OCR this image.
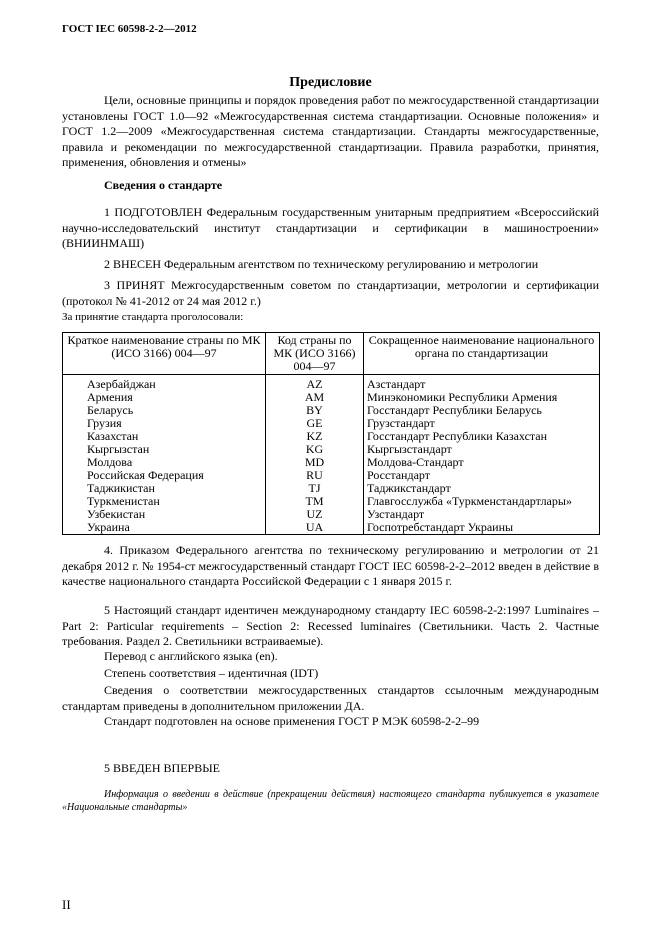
ГОСТ IEC 60598-2-2—2012
Предисловие
Цели, основные принципы и порядок проведения работ по межгосударственной стандартизации установлены ГОСТ 1.0—92 «Межгосударственная система стандартизации. Основные положения» и ГОСТ 1.2—2009 «Межгосударственная система стандартизации. Стандарты межгосударственные, правила и рекомендации по межгосударственной стандартизации. Правила разработки, принятия, применения, обновления и отмены»
Сведения о стандарте
1 ПОДГОТОВЛЕН Федеральным государственным унитарным предприятием «Всероссийский научно-исследовательский институт стандартизации и сертификации в машиностроении» (ВНИИНМАШ)
2 ВНЕСЕН Федеральным агентством по техническому регулированию и метрологии
3 ПРИНЯТ Межгосударственным советом по стандартизации, метрологии и сертификации (протокол № 41-2012 от 24 мая 2012 г.)
За принятие стандарта проголосовали:
Краткое наименование страны по МК (ИСО 3166) 004—97	Код страны по МК (ИСО 3166) 004—97	Сокращенное наименование национального органа по стандартизации
Азербайджан	AZ	Азстандарт
Армения	AM	Минэкономики Республики Армения
Беларусь	BY	Госстандарт Республики Беларусь
Грузия	GE	Грузстандарт
Казахстан	KZ	Госстандарт Республики Казахстан
Кыргызстан	KG	Кыргызстандарт
Молдова	MD	Молдова-Стандарт
Российская Федерация	RU	Росстандарт
Таджикистан	TJ	Таджикстандарт
Туркменистан	TM	Главгосслужба «Туркменстандартлары»
Узбекистан	UZ	Узстандарт
Украина	UA	Госпотребстандарт Украины
4. Приказом Федерального агентства по техническому регулированию и метрологии от 21 декабря 2012 г. № 1954-ст межгосударственный стандарт ГОСТ IEC 60598-2-2–2012 введен в действие в качестве национального стандарта Российской Федерации с 1 января 2015 г.
5 Настоящий стандарт идентичен международному стандарту IEC 60598-2-2:1997 Luminaires – Part 2: Particular requirements – Section 2: Recessed luminaires (Светильники. Часть 2. Частные требования. Раздел 2. Светильники встраиваемые).
Перевод с английского языка (en).
Степень соответствия – идентичная (IDT)
Сведения о соответствии межгосударственных стандартов ссылочным международным стандартам приведены в дополнительном приложении ДА.
Стандарт подготовлен на основе применения ГОСТ Р МЭК 60598-2-2–99
5 ВВЕДЕН ВПЕРВЫЕ
Информация о введении в действие (прекращении действия) настоящего стандарта публикуется в указателе «Национальные стандарты»
II
